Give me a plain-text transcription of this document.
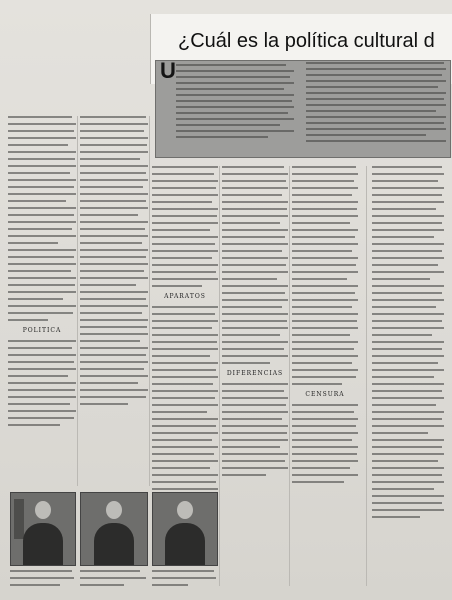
¿Cuál es la política cultural d
U
POLITICA
APARATOS
DIFERENCIAS
CENSURA
